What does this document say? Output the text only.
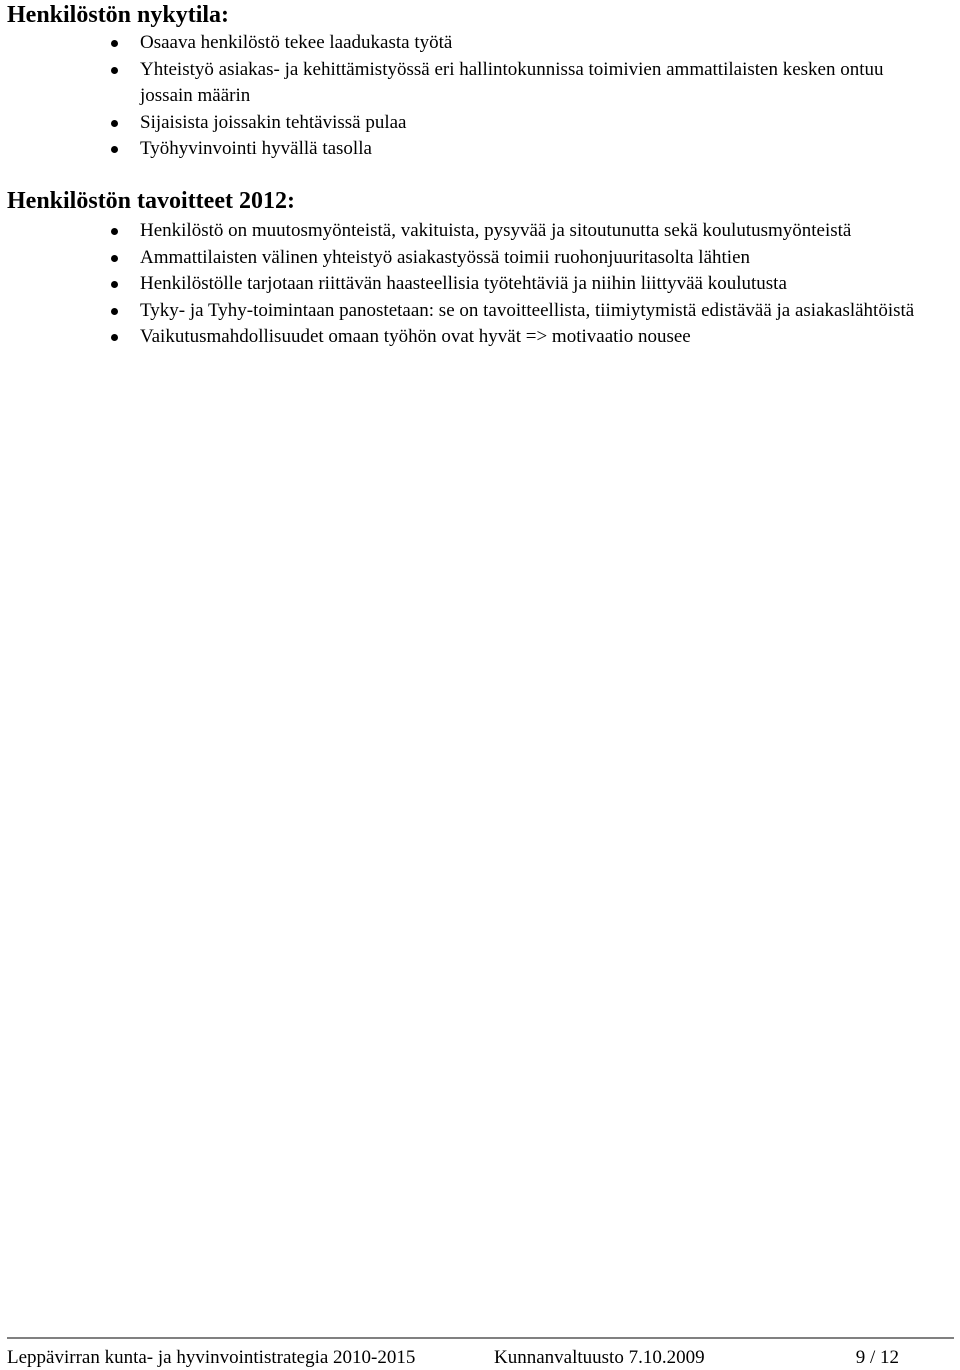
Henkilöstön nykytila:
Osaava henkilöstö tekee laadukasta työtä
Yhteistyö asiakas- ja kehittämistyössä eri hallintokunnissa toimivien ammattilaisten kesken ontuu jossain määrin
Sijaisista joissakin tehtävissä pulaa
Työhyvinvointi hyvällä tasolla
Henkilöstön tavoitteet 2012:
Henkilöstö on muutosmyönteistä, vakituista, pysyvää ja sitoutunutta sekä koulutusmyönteistä
Ammattilaisten välinen yhteistyö asiakastyössä toimii ruohonjuuritasolta lähtien
Henkilöstölle tarjotaan riittävän haasteellisia työtehtäviä ja niihin liittyvää koulutusta
Tyky- ja Tyhy-toimintaan panostetaan: se on tavoitteellista, tiimiytymistä edistävää ja asiakaslähtöistä
Vaikutusmahdollisuudet omaan työhön ovat hyvät => motivaatio nousee
Leppävirran kunta- ja hyvinvointistrategia 2010-2015	Kunnanvaltuusto 7.10.2009	9 / 12
